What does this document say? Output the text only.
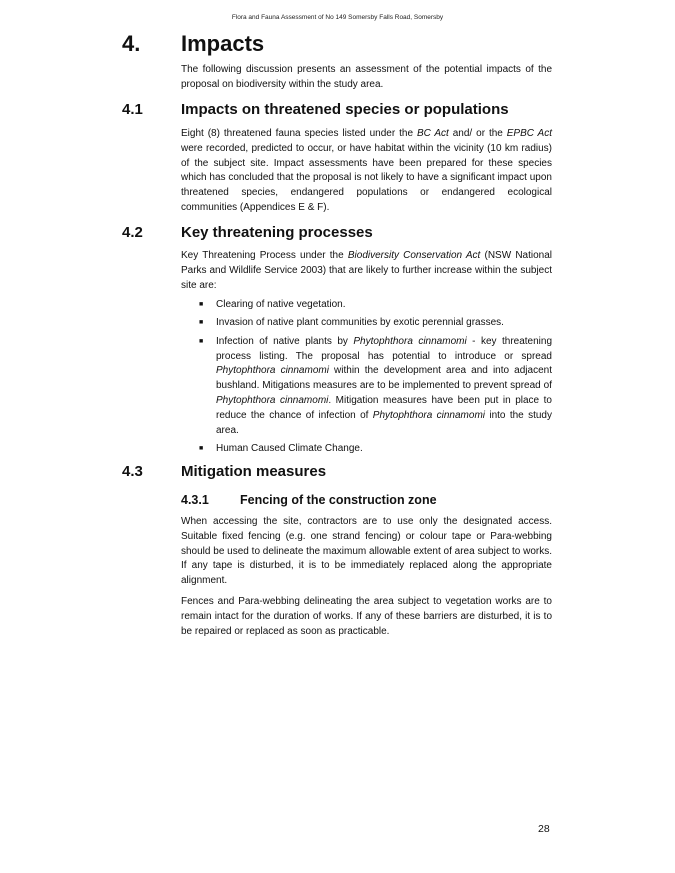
Flora and Fauna Assessment of No 149 Somersby Falls Road, Somersby
4. Impacts

The following discussion presents an assessment of the potential impacts of the proposal on biodiversity within the study area.

4.1	Impacts on threatened species or populations

Eight (8) threatened fauna species listed under the BC Act and/ or the EPBC Act were recorded, predicted to occur, or have habitat within the vicinity (10 km radius) of the subject site. Impact assessments have been prepared for these species which has concluded that the proposal is not likely to have a significant impact upon threatened species, endangered populations or endangered ecological communities (Appendices E & F).

4.2	Key threatening processes

Key Threatening Process under the Biodiversity Conservation Act (NSW National Parks and Wildlife Service 2003) that are likely to further increase within the subject site are:

■ Clearing of native vegetation.
■ Invasion of native plant communities by exotic perennial grasses.
■ Infection of native plants by Phytophthora cinnamomi - key threatening process listing. The proposal has potential to introduce or spread Phytophthora cinnamomi within the development area and into adjacent bushland. Mitigations measures are to be implemented to prevent spread of Phytophthora cinnamomi. Mitigation measures have been put in place to reduce the chance of infection of Phytophthora cinnamomi into the study area.
■ Human Caused Climate Change.
4.3	Mitigation measures
4.3.1 Fencing of the construction zone

When accessing the site, contractors are to use only the designated access. Suitable fixed fencing (e.g. one strand fencing) or colour tape or Para-webbing should be used to delineate the maximum allowable extent of area subject to works. If any tape is disturbed, it is to be immediately replaced along the appropriate alignment.

Fences and Para-webbing delineating the area subject to vegetation works are to remain intact for the duration of works. If any of these barriers are disturbed, it is to be repaired or replaced as soon as practicable.

28
